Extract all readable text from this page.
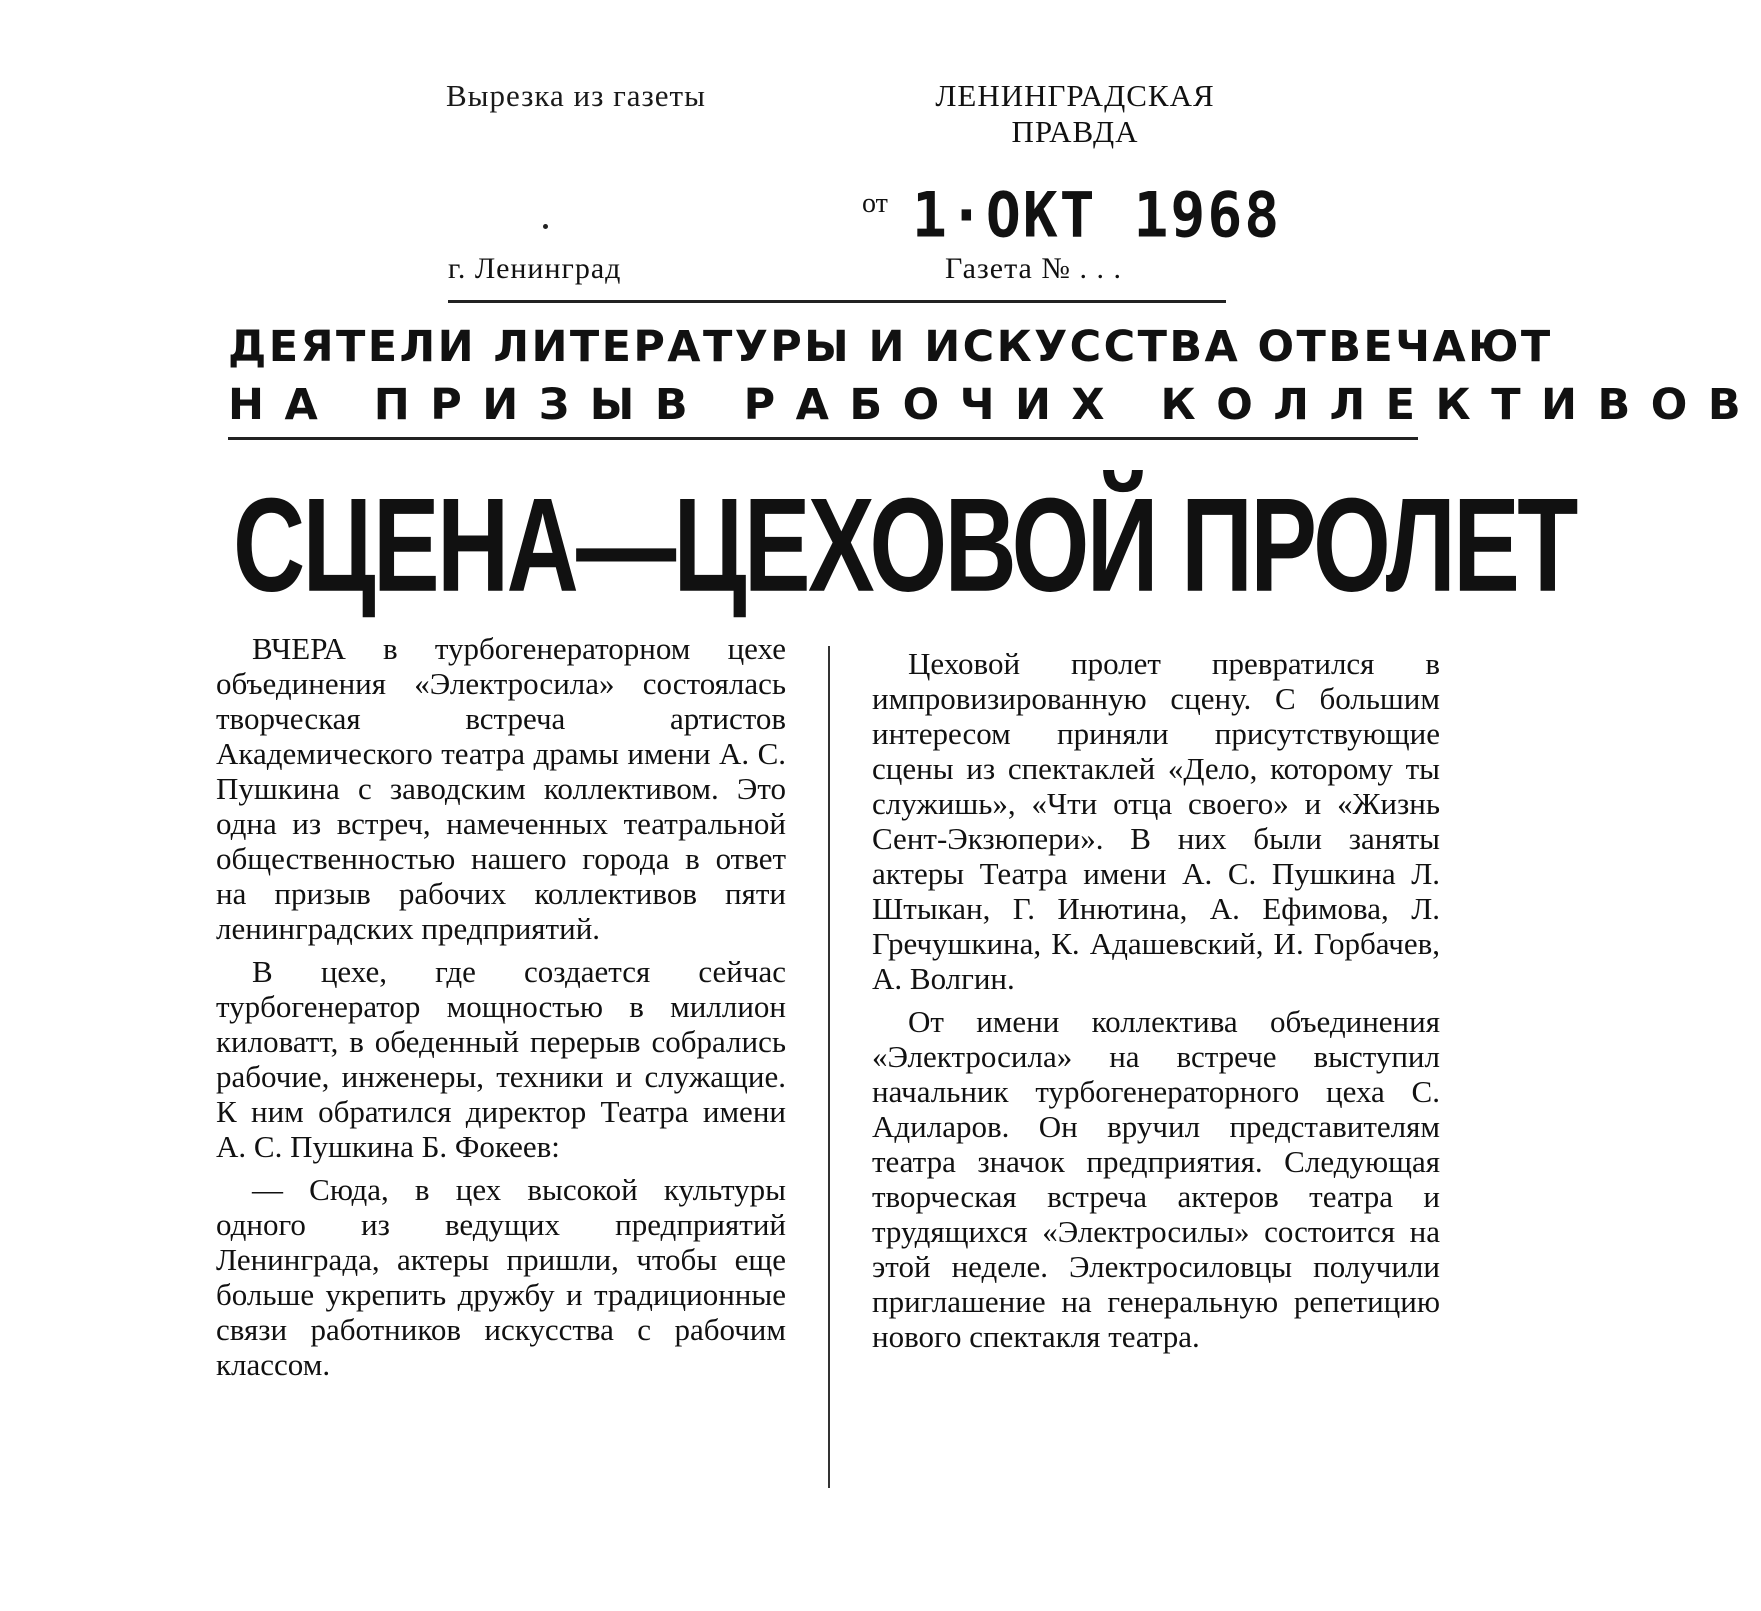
Вырезка из газеты	ЛЕНИНГРАДСКАЯ
ПРАВДА
от 1·ОКТ 1968
г. Ленинград	Газета № . . .
ДЕЯТЕЛИ ЛИТЕРАТУРЫ И ИСКУССТВА ОТВЕЧАЮТ
НА ПРИЗЫВ РАБОЧИХ КОЛЛЕКТИВОВ
СЦЕНА—ЦЕХОВОЙ ПРОЛЕТ

ВЧЕРА в турбогенераторном цехе объединения «Электросила» состоялась творческая встреча артистов Академического театра драмы имени А. С. Пушкина с заводским коллективом. Это одна из встреч, намеченных театральной общественностью нашего города в ответ на призыв рабочих коллективов пяти ленинградских предприятий.

В цехе, где создается сейчас турбогенератор мощностью в миллион киловатт, в обеденный перерыв собрались рабочие, инженеры, техники и служащие. К ним обратился директор Театра имени А. С. Пушкина Б. Фокеев:

— Сюда, в цех высокой культуры одного из ведущих предприятий Ленинграда, актеры пришли, чтобы еще больше укрепить дружбу и традиционные связи работников искусства с рабочим классом.

Цеховой пролет превратился в импровизированную сцену. С большим интересом приняли присутствующие сцены из спектаклей «Дело, которому ты служишь», «Чти отца своего» и «Жизнь Сент-Экзюпери». В них были заняты актеры Театра имени А. С. Пушкина Л. Штыкан, Г. Инютина, А. Ефимова, Л. Гречушкина, К. Адашевский, И. Горбачев, А. Волгин.

От имени коллектива объединения «Электросила» на встрече выступил начальник турбогенераторного цеха С. Адиларов. Он вручил представителям театра значок предприятия. Следующая творческая встреча актеров театра и трудящихся «Электросилы» состоится на этой неделе. Электросиловцы получили приглашение на генеральную репетицию нового спектакля театра.
